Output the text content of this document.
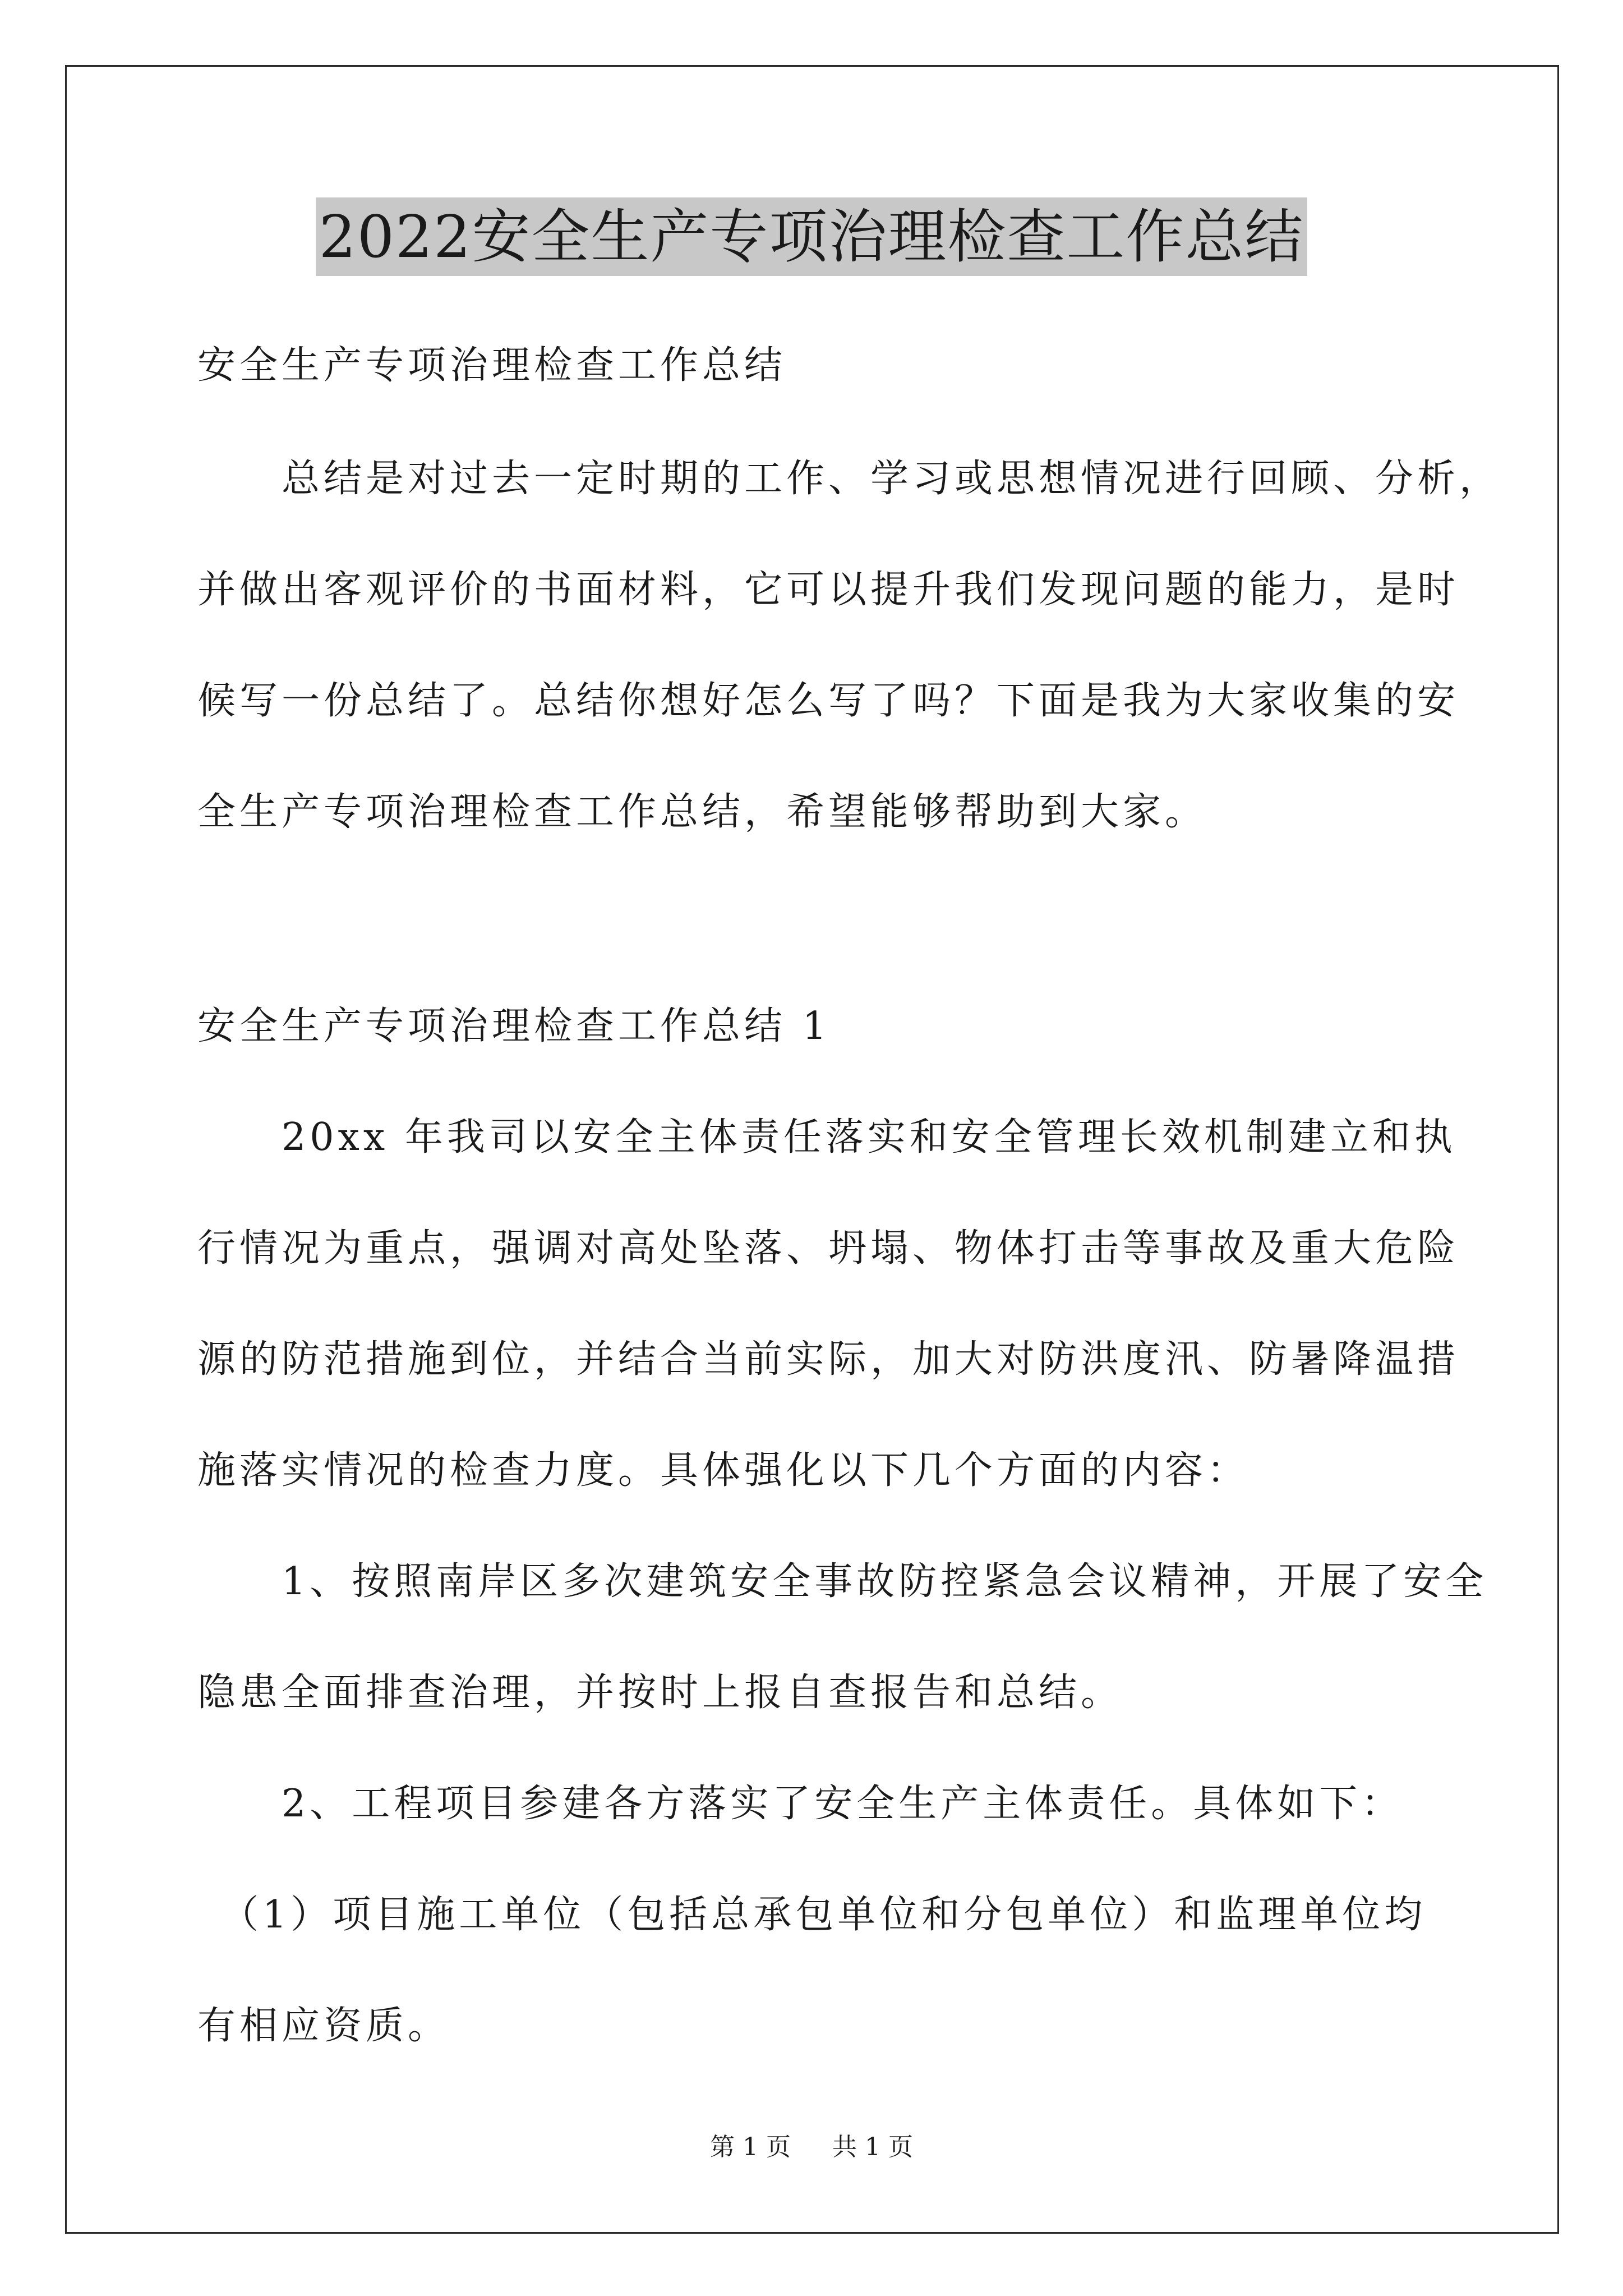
2022安全生产专项治理检查工作总结
安全生产专项治理检查工作总结
　　总结是对过去一定时期的工作、学习或思想情况进行回顾、分析，
并做出客观评价的书面材料，它可以提升我们发现问题的能力，是时
候写一份总结了。总结你想好怎么写了吗？下面是我为大家收集的安
全生产专项治理检查工作总结，希望能够帮助到大家。
安全生产专项治理检查工作总结 1
　　20xx 年我司以安全主体责任落实和安全管理长效机制建立和执
行情况为重点，强调对高处坠落、坍塌、物体打击等事故及重大危险
源的防范措施到位，并结合当前实际，加大对防洪度汛、防暑降温措
施落实情况的检查力度。具体强化以下几个方面的内容：
　　1、按照南岸区多次建筑安全事故防控紧急会议精神，开展了安全
隐患全面排查治理，并按时上报自查报告和总结。
　　2、工程项目参建各方落实了安全生产主体责任。具体如下：
　（1）项目施工单位（包括总承包单位和分包单位）和监理单位均
有相应资质。
第 1 页 共 1 页
